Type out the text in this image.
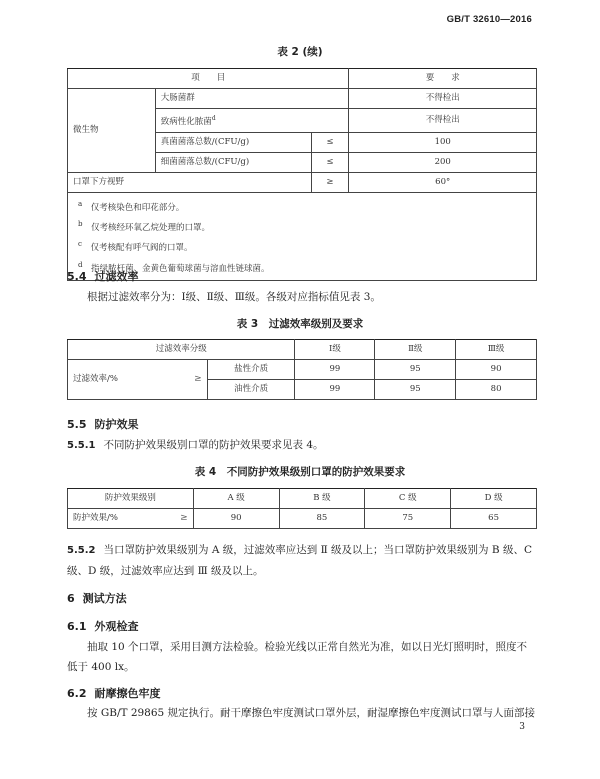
GB/T 32610—2016
表 2 (续)
项　　目			要　　求
微生物	大肠菌群		不得检出
	致病性化脓菌$^d$		不得检出
	真菌菌落总数/(CFU/g)	≤	100
	细菌菌落总数/(CFU/g)	≤	200
口罩下方视野		≥	60°

$^a$　 仅考核染色和印花部分。
$^b$　 仅考核经环氧乙烷处理的口罩。
$^c$　 仅考核配有呼气阀的口罩。
$^d$　 指绿脓杆菌、金黄色葡萄球菌与溶血性链球菌。			
5.4 过滤效率
根据过滤效率分为：Ⅰ级、Ⅱ级、Ⅲ级。各级对应指标值见表 3。
表 3　过滤效率级别及要求
过滤效率分级		Ⅰ级	Ⅱ级	Ⅲ级
过滤效率/% ≥	盐性介质	99	95	90
	油性介质	99	95	80
5.5 防护效果
5.5.1 不同防护效果级别口罩的防护效果要求见表 4。
表 4　不同防护效果级别口罩的防护效果要求
防护效果级别	A 级	B 级	C 级	D 级
防护效果/% ≥	90	85	75	65
5.5.2 当口罩防护效果级别为 A 级，过滤效率应达到 Ⅱ 级及以上；当口罩防护效果级别为 B 级、C 级、D 级，过滤效率应达到 Ⅲ 级及以上。
6 测试方法
6.1 外观检查
抽取 10 个口罩，采用目测方法检验。检验光线以正常自然光为准，如以日光灯照明时，照度不低于 400 lx。
6.2 耐摩擦色牢度
按 GB/T 29865 规定执行。耐干摩擦色牢度测试口罩外层，耐湿摩擦色牢度测试口罩与人面部接
3
